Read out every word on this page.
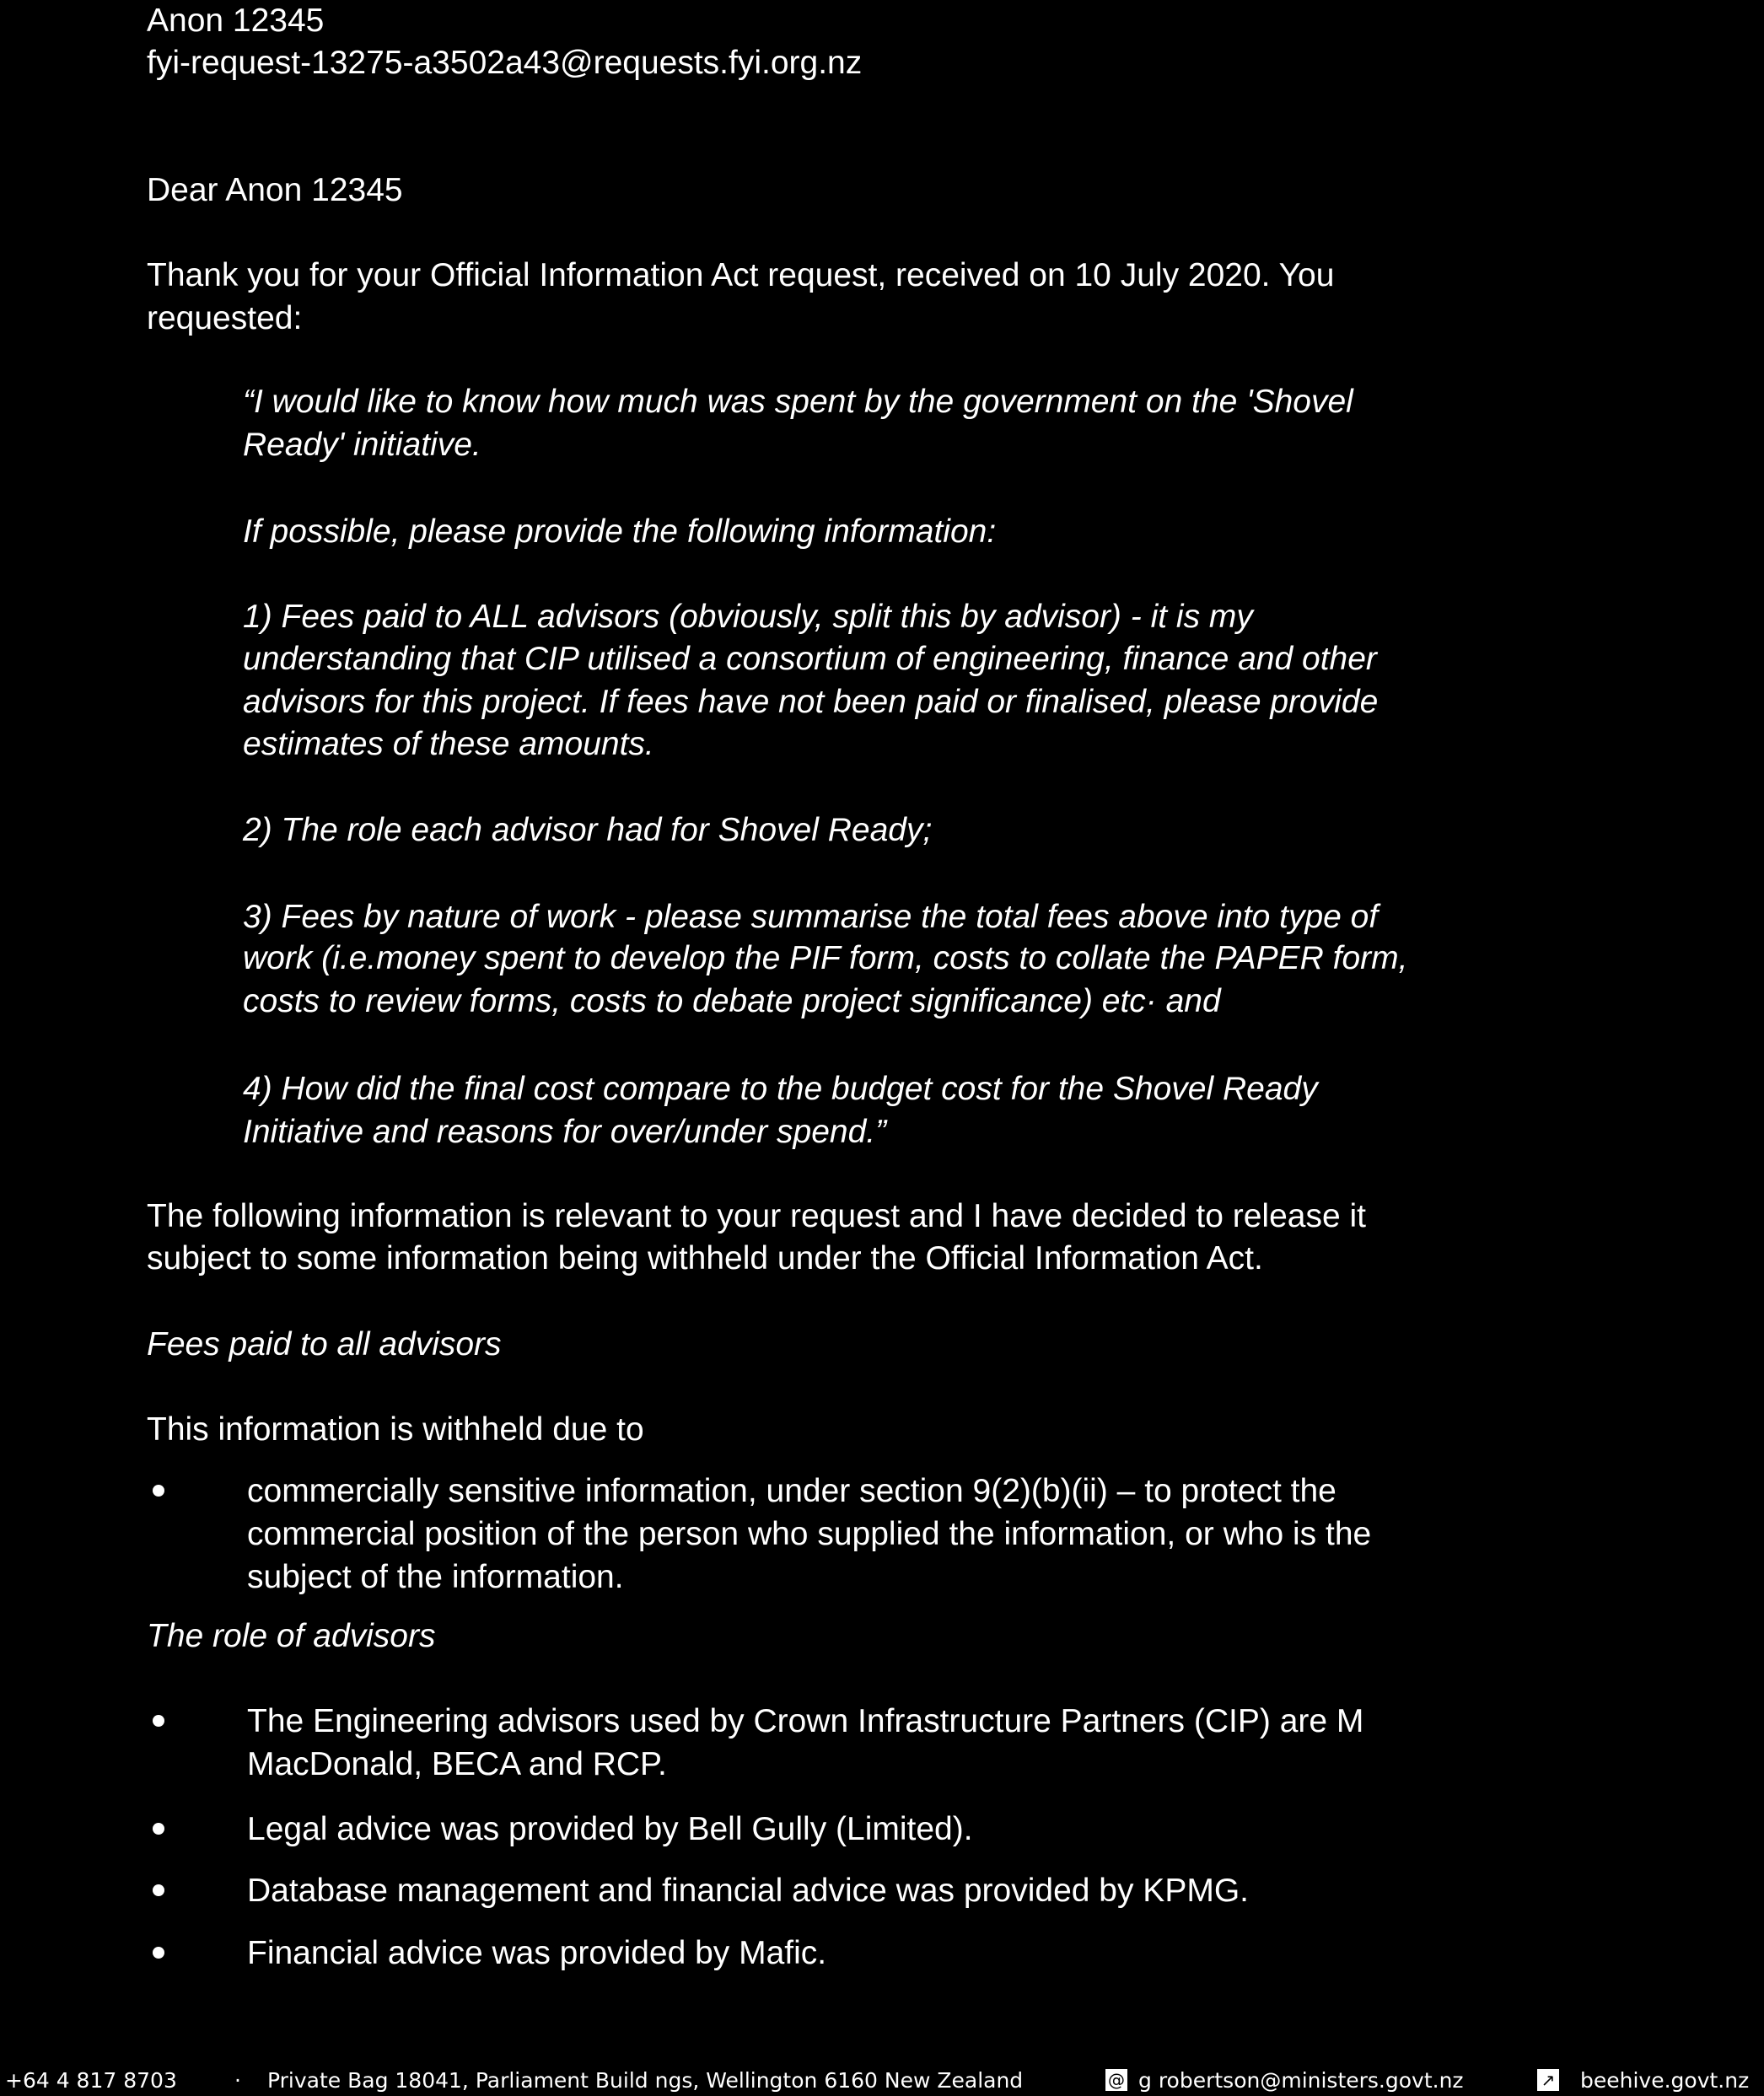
Anon 12345
fyi-request-13275-a3502a43@requests.fyi.org.nz
Dear Anon 12345
Thank you for your Official Information Act request, received on 10 July 2020. You
requested:
“I would like to know how much was spent by the government on the 'Shovel
Ready' initiative.
If possible, please provide the following information:
1) Fees paid to ALL advisors (obviously, split this by advisor) - it is my
understanding that CIP utilised a consortium of engineering, finance and other
advisors for this project. If fees have not been paid or finalised, please provide
estimates of these amounts.
2) The role each advisor had for Shovel Ready;
3) Fees by nature of work - please summarise the total fees above into type of
work (i.e.money spent to develop the PIF form, costs to collate the PAPER form,
costs to review forms, costs to debate project significance) etc· and
4) How did the final cost compare to the budget cost for the Shovel Ready
Initiative and reasons for over/under spend.”
The following information is relevant to your request and I have decided to release it
subject to some information being withheld under the Official Information Act.
Fees paid to all advisors
This information is withheld due to
commercially sensitive information, under section 9(2)(b)(ii) – to protect the
commercial position of the person who supplied the information, or who is the
subject of the information.
The role of advisors
The Engineering advisors used by Crown Infrastructure Partners (CIP) are M
MacDonald, BECA and RCP.
Legal advice was provided by Bell Gully (Limited).
Database management and financial advice was provided by KPMG.
Financial advice was provided by Mafic.
+64 4 817 8703	· Private Bag 18041, Parliament Build ngs, Wellington 6160 New Zealand	@ g robertson@ministers.govt.nz	↗ beehive.govt.nz
